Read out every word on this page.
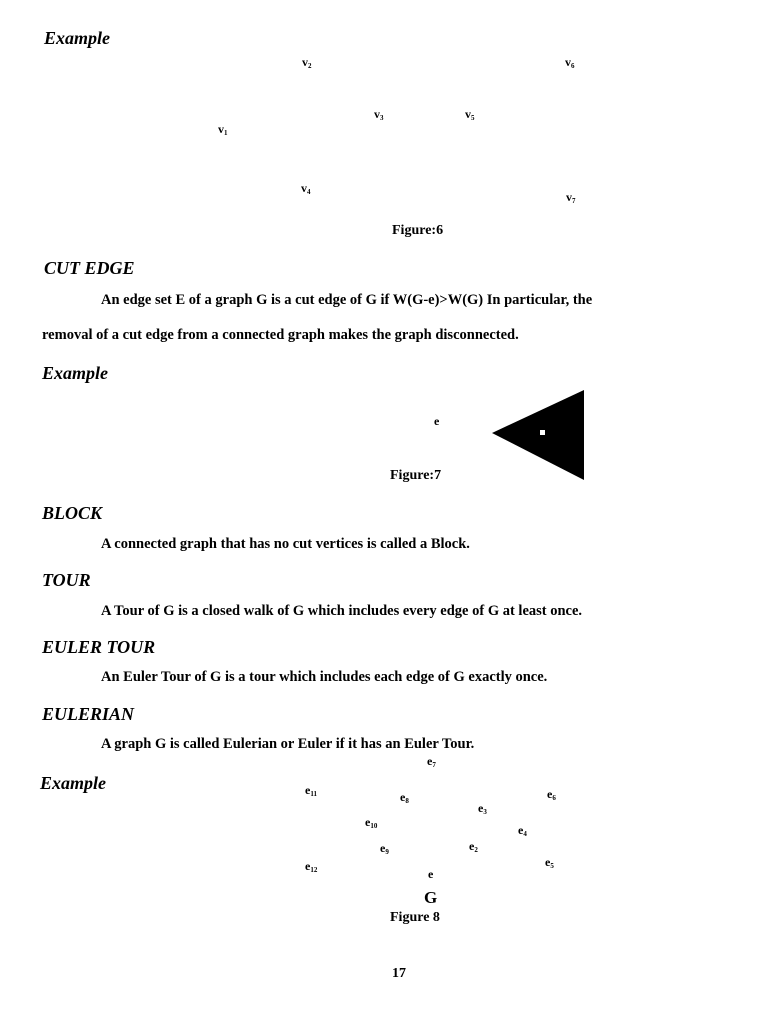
Example
$v_2$	$v_6$
$v_1$
$v_3$	$v_5$
$v_4$	$v_7$
Figure:6
CUT EDGE
An edge set E of a graph G is a cut edge of G if W(G-e)>W(G) In particular, the
removal of a cut edge from a connected graph makes the graph disconnected.
Example
e
Figure:7
BLOCK
A connected graph that has no cut vertices is called a Block.
TOUR
A Tour of G is a closed walk of G which includes every edge of G at least once.
EULER TOUR
An Euler Tour of G is a tour which includes each edge of G exactly once.
EULERIAN
A graph G is called Eulerian or Euler if it has an Euler Tour.
Example
$e_7$
$e_{11}$	$e_8$	$e_6$
$e_3$
$e_{10}$	$e_4$
$e_9$	$e_2$
$e_5$
$e_{12}$	e
G
Figure 8
17
